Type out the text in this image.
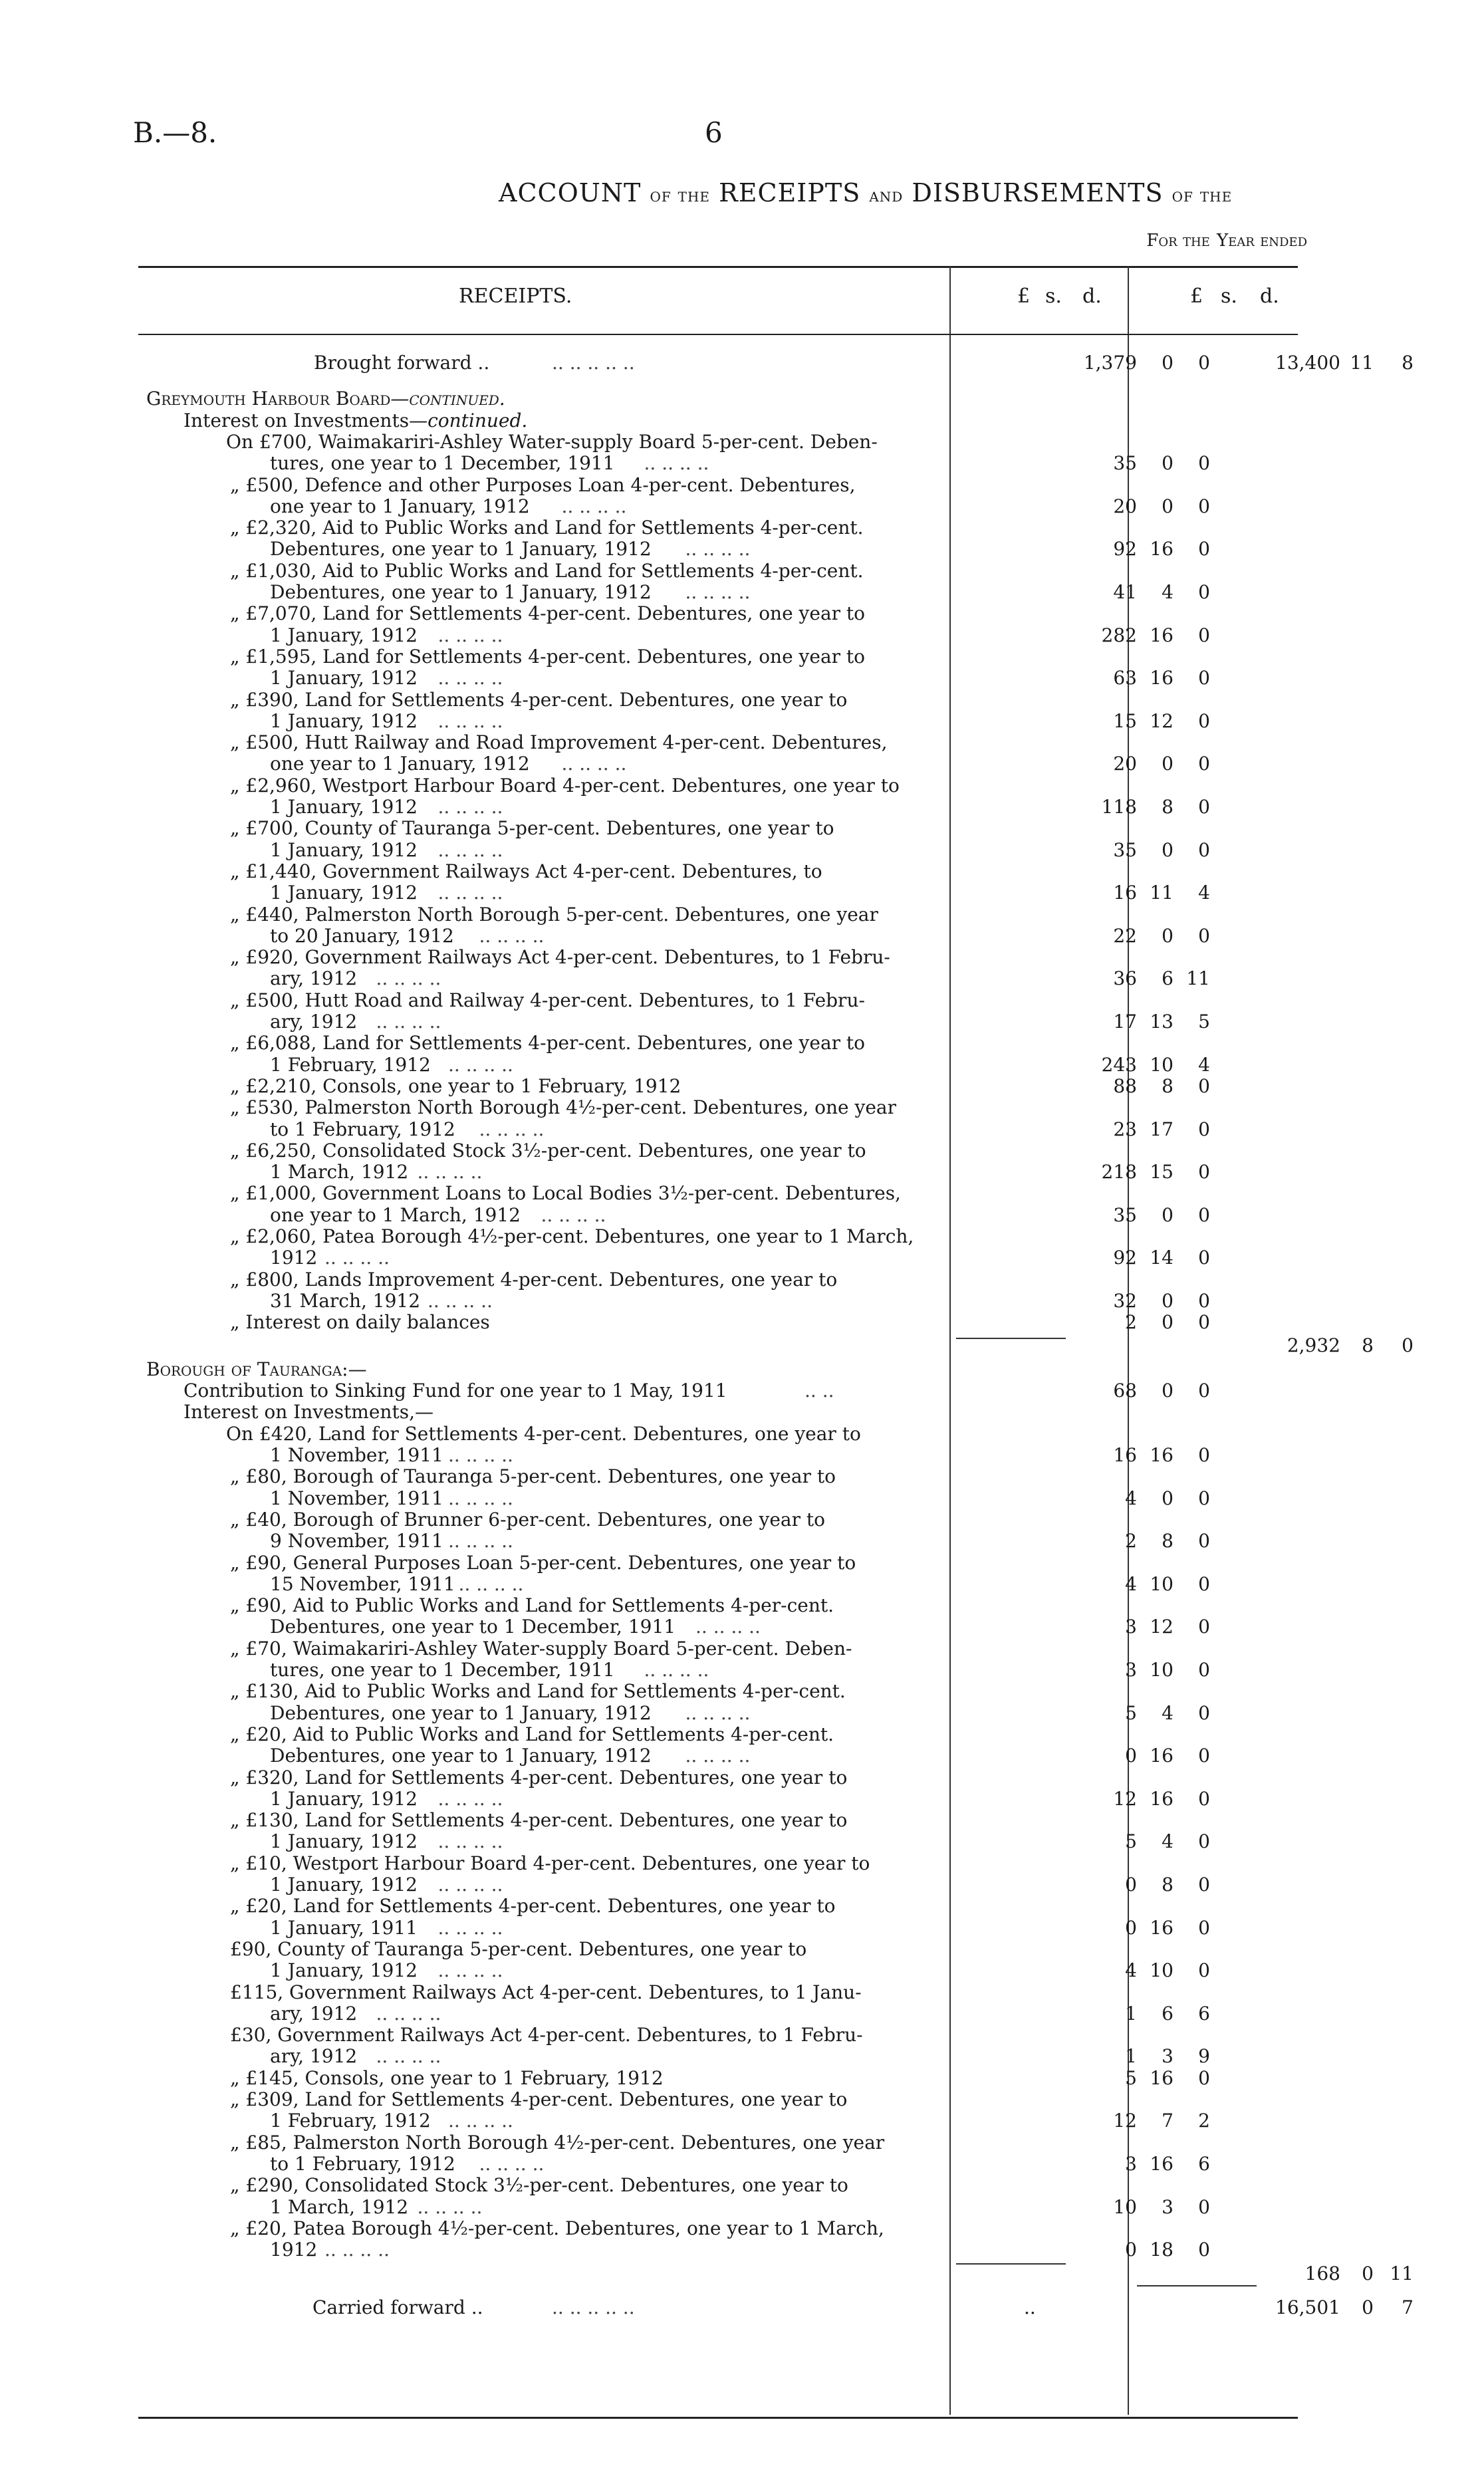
B.—8.	6
ACCOUNT of the RECEIPTS and DISBURSEMENTS of the
For the Year ended
RECEIPTS.	£ s. d.	£ s. d.
Brought forward ..	.. .. .. .. ..	1,379 0 0	13,400 11 8
Greymouth Harbour Board—continued.
Interest on Investments—continued.
On £700, Waimakariri-Ashley Water-supply Board 5-per-cent. Deben-
tures, one year to 1 December, 1911 .. .. .. ..	35 0 0
„ £500, Defence and other Purposes Loan 4-per-cent. Debentures,
one year to 1 January, 1912 .. .. .. ..	20 0 0
„ £2,320, Aid to Public Works and Land for Settlements 4-per-cent.
Debentures, one year to 1 January, 1912 .. .. .. ..	92 16 0
„ £1,030, Aid to Public Works and Land for Settlements 4-per-cent.
Debentures, one year to 1 January, 1912 .. .. .. ..	41 4 0
„ £7,070, Land for Settlements 4-per-cent. Debentures, one year to
1 January, 1912 .. .. .. ..	282 16 0
„ £1,595, Land for Settlements 4-per-cent. Debentures, one year to
1 January, 1912 .. .. .. ..	63 16 0
„ £390, Land for Settlements 4-per-cent. Debentures, one year to
1 January, 1912 .. .. .. ..	15 12 0
„ £500, Hutt Railway and Road Improvement 4-per-cent. Debentures,
one year to 1 January, 1912 .. .. .. ..	20 0 0
„ £2,960, Westport Harbour Board 4-per-cent. Debentures, one year to
1 January, 1912 .. .. .. ..	118 8 0
„ £700, County of Tauranga 5-per-cent. Debentures, one year to
1 January, 1912 .. .. .. ..	35 0 0
„ £1,440, Government Railways Act 4-per-cent. Debentures, to
1 January, 1912 .. .. .. ..	16 11 4
„ £440, Palmerston North Borough 5-per-cent. Debentures, one year
to 20 January, 1912 .. .. .. ..	22 0 0
„ £920, Government Railways Act 4-per-cent. Debentures, to 1 Febru-
ary, 1912 .. .. .. ..	36 6 11
„ £500, Hutt Road and Railway 4-per-cent. Debentures, to 1 Febru-
ary, 1912 .. .. .. ..	17 13 5
„ £6,088, Land for Settlements 4-per-cent. Debentures, one year to
1 February, 1912 .. .. .. ..	243 10 4
„ £2,210, Consols, one year to 1 February, 1912	88 8 0
„ £530, Palmerston North Borough 4½-per-cent. Debentures, one year
to 1 February, 1912 .. .. .. ..	23 17 0
„ £6,250, Consolidated Stock 3½-per-cent. Debentures, one year to
1 March, 1912 .. .. .. ..	218 15 0
„ £1,000, Government Loans to Local Bodies 3½-per-cent. Debentures,
one year to 1 March, 1912 .. .. .. ..	35 0 0
„ £2,060, Patea Borough 4½-per-cent. Debentures, one year to 1 March,
1912 .. .. .. ..	92 14 0
„ £800, Lands Improvement 4-per-cent. Debentures, one year to
31 March, 1912 .. .. .. ..	32 0 0
„ Interest on daily balances	2 0 0
2,932 8 0
Borough of Tauranga:—
Contribution to Sinking Fund for one year to 1 May, 1911	.. ..	68 0 0
Interest on Investments,—
On £420, Land for Settlements 4-per-cent. Debentures, one year to
1 November, 1911 .. .. .. ..	16 16 0
„ £80, Borough of Tauranga 5-per-cent. Debentures, one year to
1 November, 1911 .. .. .. ..	4 0 0
„ £40, Borough of Brunner 6-per-cent. Debentures, one year to
9 November, 1911 .. .. .. ..	2 8 0
„ £90, General Purposes Loan 5-per-cent. Debentures, one year to
15 November, 1911 .. .. .. ..	4 10 0
„ £90, Aid to Public Works and Land for Settlements 4-per-cent.
Debentures, one year to 1 December, 1911 .. .. .. ..	3 12 0
„ £70, Waimakariri-Ashley Water-supply Board 5-per-cent. Deben-
tures, one year to 1 December, 1911 .. .. .. ..	3 10 0
„ £130, Aid to Public Works and Land for Settlements 4-per-cent.
Debentures, one year to 1 January, 1912 .. .. .. ..	5 4 0
„ £20, Aid to Public Works and Land for Settlements 4-per-cent.
Debentures, one year to 1 January, 1912 .. .. .. ..	0 16 0
„ £320, Land for Settlements 4-per-cent. Debentures, one year to
1 January, 1912 .. .. .. ..	12 16 0
„ £130, Land for Settlements 4-per-cent. Debentures, one year to
1 January, 1912 .. .. .. ..	5 4 0
„ £10, Westport Harbour Board 4-per-cent. Debentures, one year to
1 January, 1912 .. .. .. ..	0 8 0
„ £20, Land for Settlements 4-per-cent. Debentures, one year to
1 January, 1911 .. .. .. ..	0 16 0
£90, County of Tauranga 5-per-cent. Debentures, one year to
1 January, 1912 .. .. .. ..	4 10 0
£115, Government Railways Act 4-per-cent. Debentures, to 1 Janu-
ary, 1912 .. .. .. ..	1 6 6
£30, Government Railways Act 4-per-cent. Debentures, to 1 Febru-
ary, 1912 .. .. .. ..	1 3 9
„ £145, Consols, one year to 1 February, 1912	5 16 0
„ £309, Land for Settlements 4-per-cent. Debentures, one year to
1 February, 1912 .. .. .. ..	12 7 2
„ £85, Palmerston North Borough 4½-per-cent. Debentures, one year
to 1 February, 1912 .. .. .. ..	3 16 6
„ £290, Consolidated Stock 3½-per-cent. Debentures, one year to
1 March, 1912 .. .. .. ..	10 3 0
„ £20, Patea Borough 4½-per-cent. Debentures, one year to 1 March,
1912 .. .. .. ..	0 18 0
168 0 11
Carried forward ..	.. .. .. .. ..	..	16,501 0 7
